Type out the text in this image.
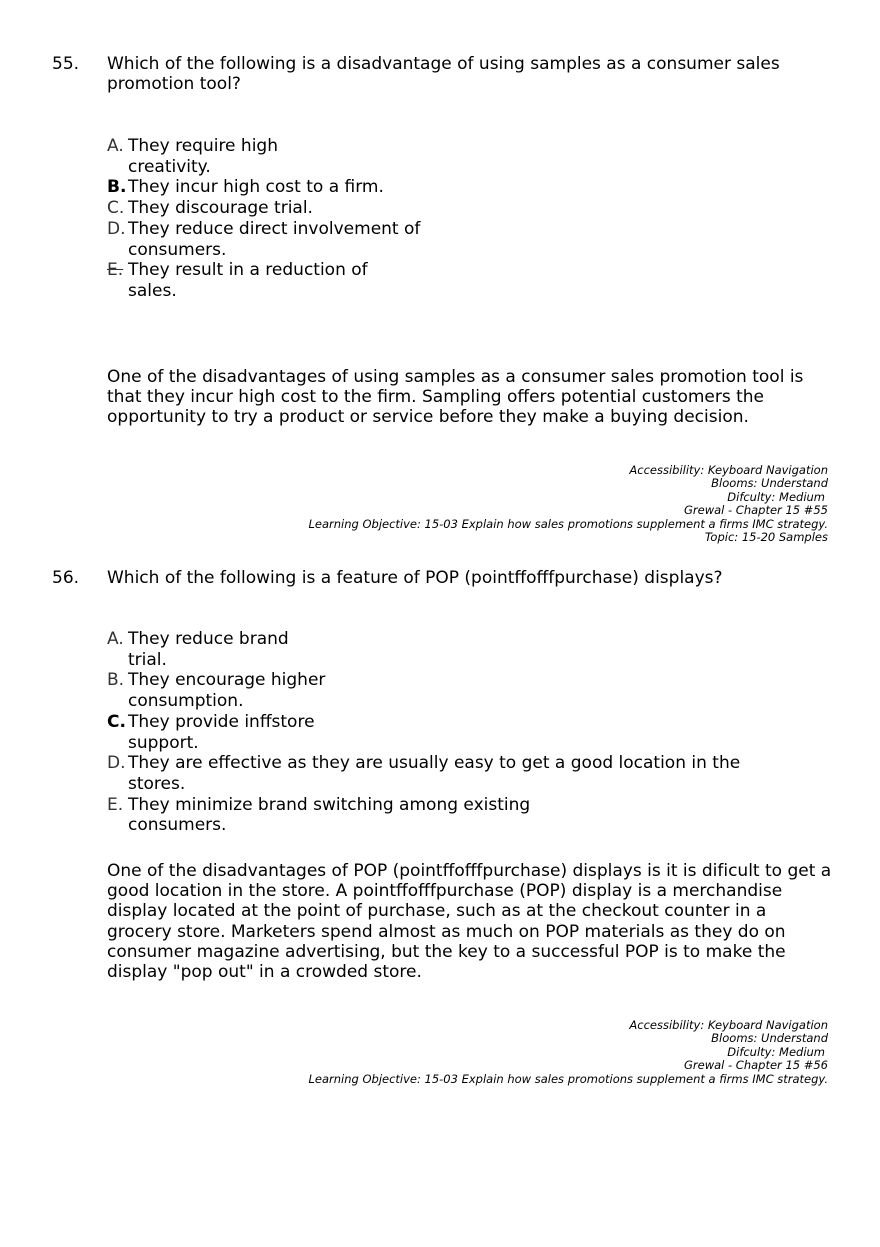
55. Which of the following is a disadvantage of using samples as a consumer sales promotion tool?
A. They require high creativity.
B. They incur high cost to a firm.
C. They discourage trial.
D. They reduce direct involvement of consumers.
E. They result in a reduction of sales.
One of the disadvantages of using samples as a consumer sales promotion tool is that they incur high cost to the firm. Sampling offers potential customers the opportunity to try a product or service before they make a buying decision.
Accessibility: Keyboard Navigation
Blooms: Understand
Difculty: Medium
Grewal - Chapter 15 #55
Learning Objective: 15-03 Explain how sales promotions supplement a firms IMC strategy.
Topic: 15-20 Samples
56. Which of the following is a feature of POP (pointffofffpurchase) displays?
A. They reduce brand trial.
B. They encourage higher consumption.
C. They provide inffstore support.
D. They are effective as they are usually easy to get a good location in the stores.
E. They minimize brand switching among existing consumers.
One of the disadvantages of POP (pointffofffpurchase) displays is it is difi̇cult to get a good location in the store. A pointffofffpurchase (POP) display is a merchandise display located at the point of purchase, such as at the checkout counter in a grocery store. Marketers spend almost as much on POP materials as they do on consumer magazine advertising, but the key to a successful POP is to make the display "pop out" in a crowded store.
Accessibility: Keyboard Navigation
Blooms: Understand
Difculty: Medium
Grewal - Chapter 15 #56
Learning Objective: 15-03 Explain how sales promotions supplement a firms IMC strategy.
